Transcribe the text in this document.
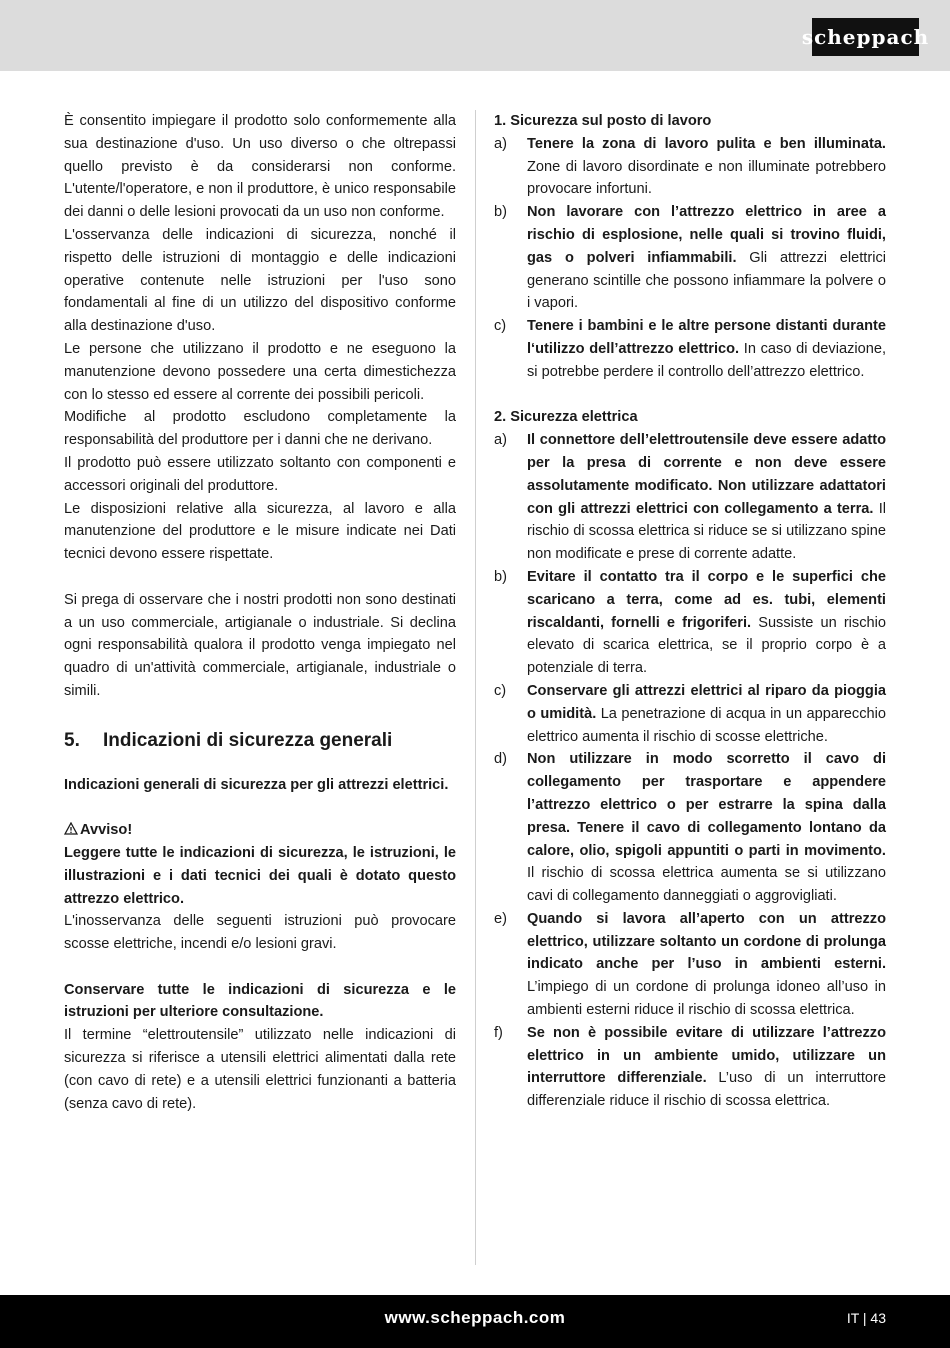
scheppach

È consentito impiegare il prodotto solo conformemente alla sua destinazione d'uso. Un uso diverso o che oltrepassi quello previsto è da considerarsi non conforme. L'utente/l'operatore, e non il produttore, è unico responsabile dei danni o delle lesioni provocati da un uso non conforme.

L'osservanza delle indicazioni di sicurezza, nonché il rispetto delle istruzioni di montaggio e delle indicazioni operative contenute nelle istruzioni per l'uso sono fondamentali al fine di un utilizzo del dispositivo conforme alla destinazione d'uso.

Le persone che utilizzano il prodotto e ne eseguono la manutenzione devono possedere una certa dimestichezza con lo stesso ed essere al corrente dei possibili pericoli.

Modifiche al prodotto escludono completamente la responsabilità del produttore per i danni che ne derivano.

Il prodotto può essere utilizzato soltanto con componenti e accessori originali del produttore.

Le disposizioni relative alla sicurezza, al lavoro e alla manutenzione del produttore e le misure indicate nei Dati tecnici devono essere rispettate.

Si prega di osservare che i nostri prodotti non sono destinati a un uso commerciale, artigianale o industriale. Si declina ogni responsabilità qualora il prodotto venga impiegato nel quadro di un'attività commerciale, artigianale, industriale o simili.

5.	Indicazioni di sicurezza generali

Indicazioni generali di sicurezza per gli attrezzi elettrici.

Avviso!

Leggere tutte le indicazioni di sicurezza, le istruzioni, le illustrazioni e i dati tecnici dei quali è dotato questo attrezzo elettrico.

L'inosservanza delle seguenti istruzioni può provocare scosse elettriche, incendi e/o lesioni gravi.

Conservare tutte le indicazioni di sicurezza e le istruzioni per ulteriore consultazione.

Il termine “elettroutensile” utilizzato nelle indicazioni di sicurezza si riferisce a utensili elettrici alimentati dalla rete (con cavo di rete) e a utensili elettrici funzionanti a batteria (senza cavo di rete).

1. Sicurezza sul posto di lavoro

a)	Tenere la zona di lavoro pulita e ben illuminata. Zone di lavoro disordinate e non illuminate potrebbero provocare infortuni.

b)	Non lavorare con l’attrezzo elettrico in aree a rischio di esplosione, nelle quali si trovino fluidi, gas o polveri infiammabili. Gli attrezzi elettrici generano scintille che possono infiammare la polvere o i vapori.

c)	Tenere i bambini e le altre persone distanti durante l‘utilizzo dell’attrezzo elettrico. In caso di deviazione, si potrebbe perdere il controllo dell’attrezzo elettrico.

2. Sicurezza elettrica

a)	Il connettore dell’elettroutensile deve essere adatto per la presa di corrente e non deve essere assolutamente modificato. Non utilizzare adattatori con gli attrezzi elettrici con collegamento a terra. Il rischio di scossa elettrica si riduce se si utilizzano spine non modificate e prese di corrente adatte.

b)	Evitare il contatto tra il corpo e le superfici che scaricano a terra, come ad es. tubi, elementi riscaldanti, fornelli e frigoriferi. Sussiste un rischio elevato di scarica elettrica, se il proprio corpo è a potenziale di terra.

c)	Conservare gli attrezzi elettrici al riparo da pioggia o umidità. La penetrazione di acqua in un apparecchio elettrico aumenta il rischio di scosse elettriche.

d)	Non utilizzare in modo scorretto il cavo di collegamento per trasportare e appendere l’attrezzo elettrico o per estrarre la spina dalla presa. Tenere il cavo di collegamento lontano da calore, olio, spigoli appuntiti o parti in movimento. Il rischio di scossa elettrica aumenta se si utilizzano cavi di collegamento danneggiati o aggrovigliati.

e)	Quando si lavora all’aperto con un attrezzo elettrico, utilizzare soltanto un cordone di prolunga indicato anche per l’uso in ambienti esterni. L’impiego di un cordone di prolunga idoneo all’uso in ambienti esterni riduce il rischio di scossa elettrica.

f)	Se non è possibile evitare di utilizzare l’attrezzo elettrico in un ambiente umido, utilizzare un interruttore differenziale. L’uso di un interruttore differenziale riduce il rischio di scossa elettrica.

www.scheppach.com	IT | 43
